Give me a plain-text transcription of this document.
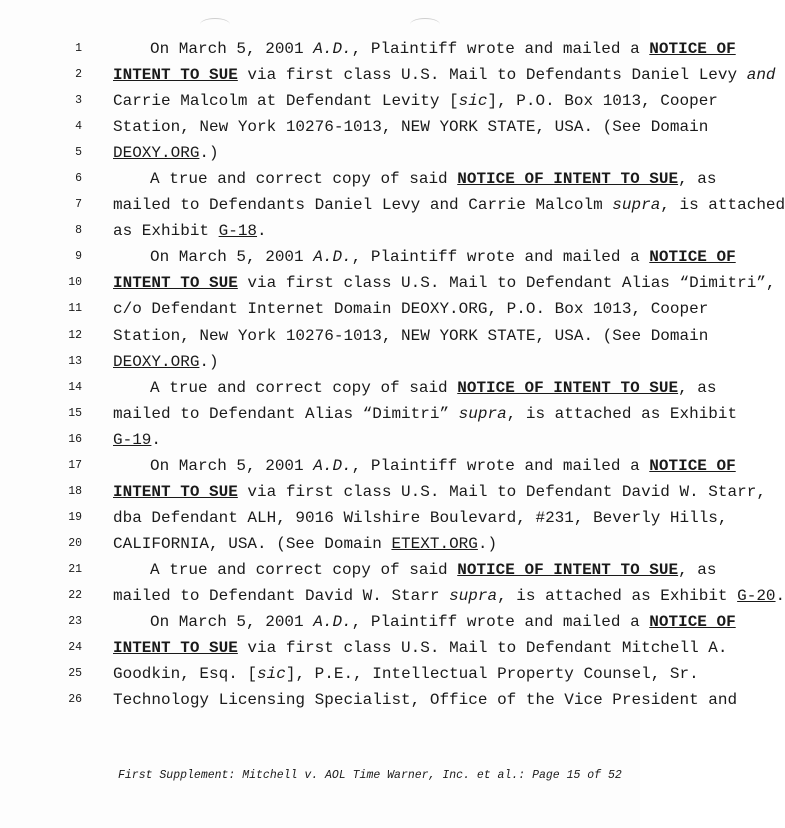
1
2
3
4
5
6
7
8
9
10
11
12
13
14
15
16
17
18
19
20
21
22
23
24
25
26
On March 5, 2001 A.D., Plaintiff wrote and mailed a NOTICE OF
INTENT TO SUE via first class U.S. Mail to Defendants Daniel Levy and
Carrie Malcolm at Defendant Levity [sic], P.O. Box 1013, Cooper
Station, New York 10276-1013, NEW YORK STATE, USA. (See Domain
DEOXY.ORG.)
A true and correct copy of said NOTICE OF INTENT TO SUE, as
mailed to Defendants Daniel Levy and Carrie Malcolm supra, is attached
as Exhibit G-18.
On March 5, 2001 A.D., Plaintiff wrote and mailed a NOTICE OF
INTENT TO SUE via first class U.S. Mail to Defendant Alias “Dimitri”,
c/o Defendant Internet Domain DEOXY.ORG, P.O. Box 1013, Cooper
Station, New York 10276-1013, NEW YORK STATE, USA. (See Domain
DEOXY.ORG.)
A true and correct copy of said NOTICE OF INTENT TO SUE, as
mailed to Defendant Alias “Dimitri” supra, is attached as Exhibit
G-19.
On March 5, 2001 A.D., Plaintiff wrote and mailed a NOTICE OF
INTENT TO SUE via first class U.S. Mail to Defendant David W. Starr,
dba Defendant ALH, 9016 Wilshire Boulevard, #231, Beverly Hills,
CALIFORNIA, USA. (See Domain ETEXT.ORG.)
A true and correct copy of said NOTICE OF INTENT TO SUE, as
mailed to Defendant David W. Starr supra, is attached as Exhibit G-20.
On March 5, 2001 A.D., Plaintiff wrote and mailed a NOTICE OF
INTENT TO SUE via first class U.S. Mail to Defendant Mitchell A.
Goodkin, Esq. [sic], P.E., Intellectual Property Counsel, Sr.
Technology Licensing Specialist, Office of the Vice President and
First Supplement: Mitchell v. AOL Time Warner, Inc. et al.: Page 15 of 52
